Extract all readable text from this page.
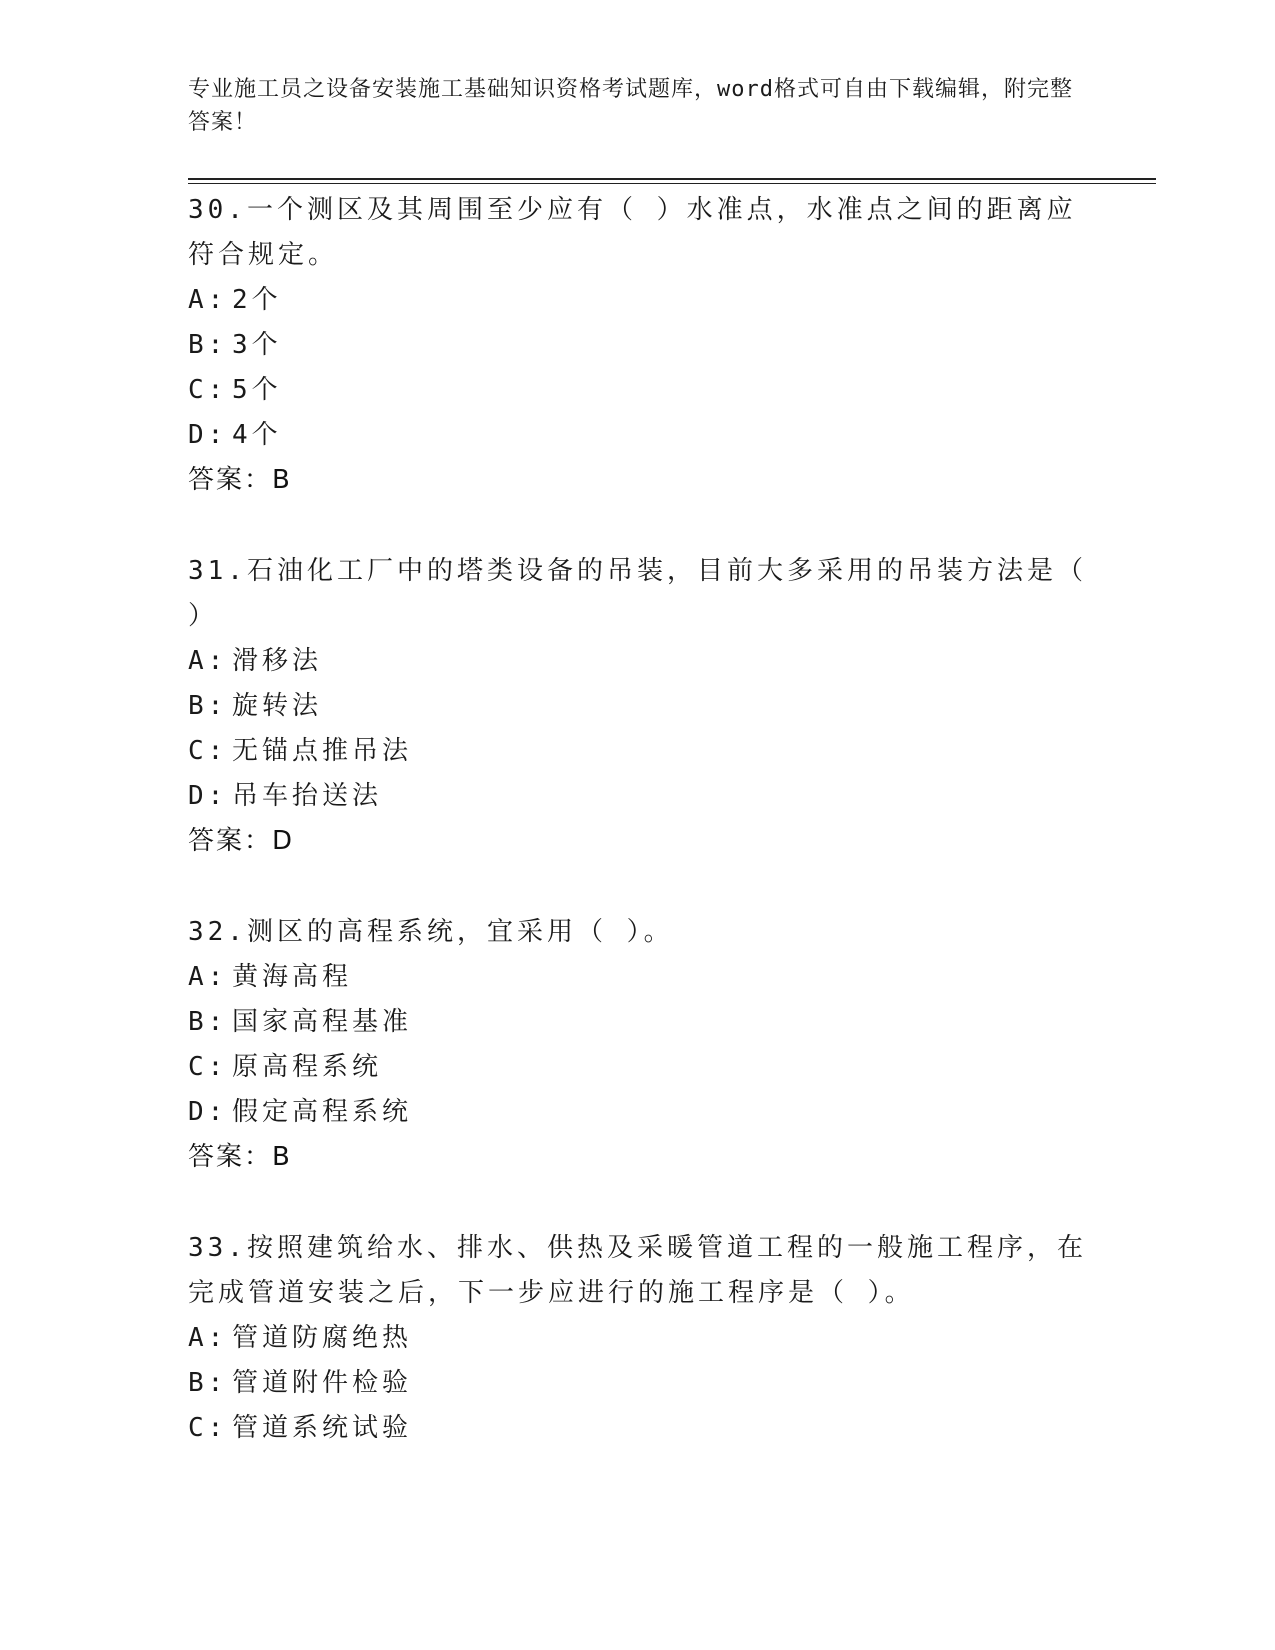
专业施工员之设备安装施工基础知识资格考试题库，word格式可自由下载编辑，附完整答案！

30.一个测区及其周围至少应有（ ）水准点，水准点之间的距离应符合规定。

A: 2个
B: 3个
C: 5个
D: 4个
答案：B

31.石油化工厂中的塔类设备的吊装，目前大多采用的吊装方法是（ ）

A: 滑移法
B: 旋转法
C: 无锚点推吊法
D: 吊车抬送法
答案：D

32.测区的高程系统，宜采用（ ）。

A: 黄海高程
B: 国家高程基准
C: 原高程系统
D: 假定高程系统
答案：B

33.按照建筑给水、排水、供热及采暖管道工程的一般施工程序，在完成管道安装之后，下一步应进行的施工程序是（ ）。

A: 管道防腐绝热
B: 管道附件检验
C: 管道系统试验
